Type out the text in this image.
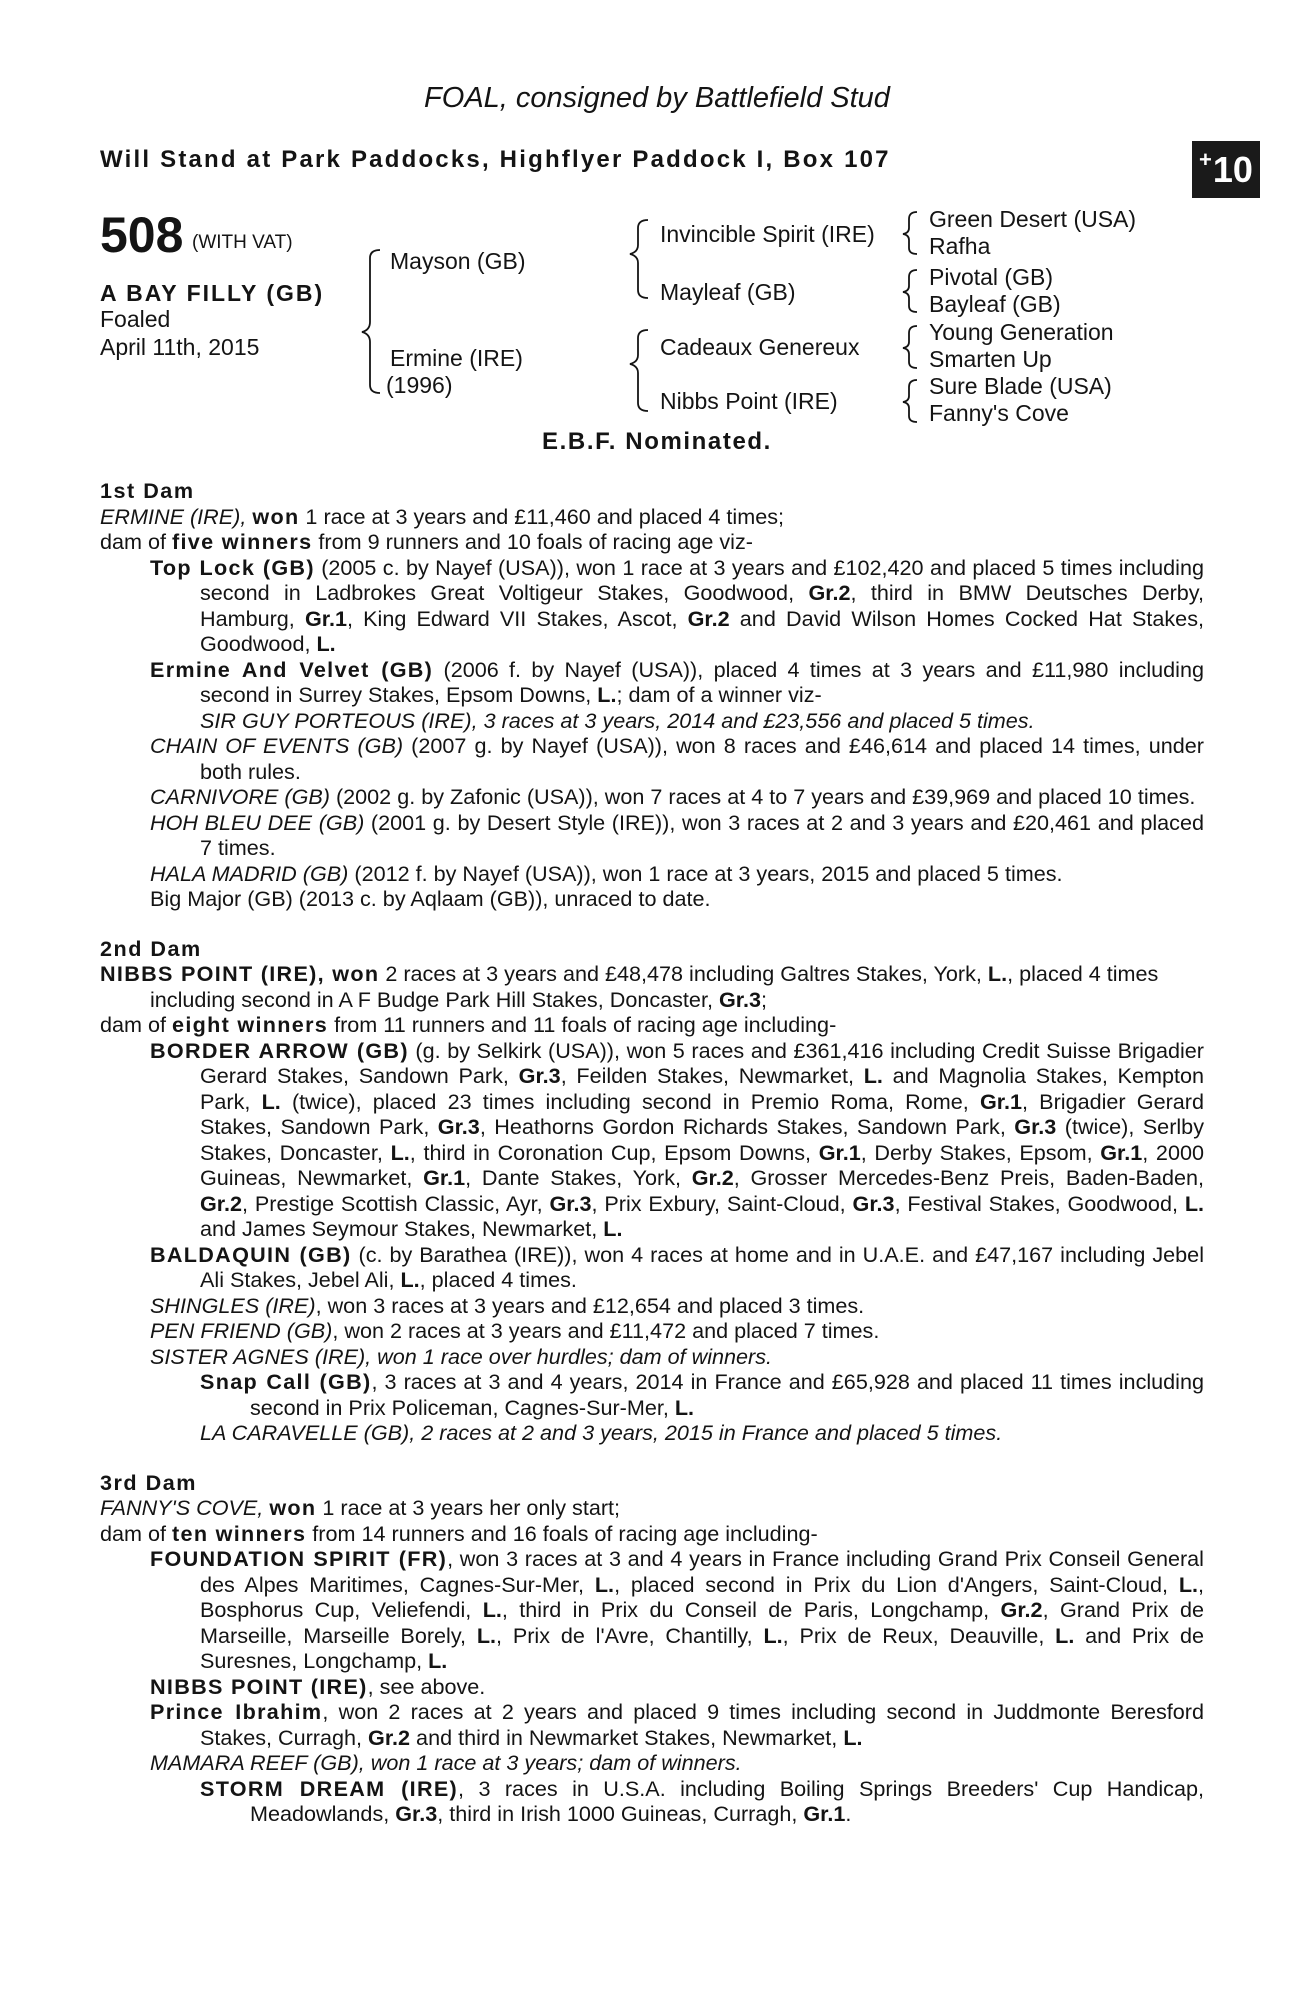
FOAL, consigned by Battlefield Stud
Will Stand at Park Paddocks, Highflyer Paddock I, Box 107	+ 10
508 (WITH VAT)
A BAY FILLY (GB)
Foaled
April 11th, 2015
Mayson (GB)
Ermine (IRE)
(1996)
Invincible Spirit (IRE)
Mayleaf (GB)
Cadeaux Genereux
Nibbs Point (IRE)
Green Desert (USA)
Rafha
Pivotal (GB)
Bayleaf (GB)
Young Generation
Smarten Up
Sure Blade (USA)
Fanny's Cove
E.B.F. Nominated.

1st Dam

ERMINE (IRE), won 1 race at 3 years and £11,460 and placed 4 times;

dam of five winners from 9 runners and 10 foals of racing age viz-

Top Lock (GB) (2005 c. by Nayef (USA)), won 1 race at 3 years and £102,420 and placed 5 times including second in Ladbrokes Great Voltigeur Stakes, Goodwood, Gr.2, third in BMW Deutsches Derby, Hamburg, Gr.1, King Edward VII Stakes, Ascot, Gr.2 and David Wilson Homes Cocked Hat Stakes, Goodwood, L.

Ermine And Velvet (GB) (2006 f. by Nayef (USA)), placed 4 times at 3 years and £11,980 including second in Surrey Stakes, Epsom Downs, L.; dam of a winner viz-

SIR GUY PORTEOUS (IRE), 3 races at 3 years, 2014 and £23,556 and placed 5 times.

CHAIN OF EVENTS (GB) (2007 g. by Nayef (USA)), won 8 races and £46,614 and placed 14 times, under both rules.

CARNIVORE (GB) (2002 g. by Zafonic (USA)), won 7 races at 4 to 7 years and £39,969 and placed 10 times.

HOH BLEU DEE (GB) (2001 g. by Desert Style (IRE)), won 3 races at 2 and 3 years and £20,461 and placed 7 times.

HALA MADRID (GB) (2012 f. by Nayef (USA)), won 1 race at 3 years, 2015 and placed 5 times.

Big Major (GB) (2013 c. by Aqlaam (GB)), unraced to date.

2nd Dam

NIBBS POINT (IRE), won 2 races at 3 years and £48,478 including Galtres Stakes, York, L., placed 4 times including second in A F Budge Park Hill Stakes, Doncaster, Gr.3;

dam of eight winners from 11 runners and 11 foals of racing age including-

BORDER ARROW (GB) (g. by Selkirk (USA)), won 5 races and £361,416 including Credit Suisse Brigadier Gerard Stakes, Sandown Park, Gr.3, Feilden Stakes, Newmarket, L. and Magnolia Stakes, Kempton Park, L. (twice), placed 23 times including second in Premio Roma, Rome, Gr.1, Brigadier Gerard Stakes, Sandown Park, Gr.3, Heathorns Gordon Richards Stakes, Sandown Park, Gr.3 (twice), Serlby Stakes, Doncaster, L., third in Coronation Cup, Epsom Downs, Gr.1, Derby Stakes, Epsom, Gr.1, 2000 Guineas, Newmarket, Gr.1, Dante Stakes, York, Gr.2, Grosser Mercedes-Benz Preis, Baden-Baden, Gr.2, Prestige Scottish Classic, Ayr, Gr.3, Prix Exbury, Saint-Cloud, Gr.3, Festival Stakes, Goodwood, L. and James Seymour Stakes, Newmarket, L.

BALDAQUIN (GB) (c. by Barathea (IRE)), won 4 races at home and in U.A.E. and £47,167 including Jebel Ali Stakes, Jebel Ali, L., placed 4 times.

SHINGLES (IRE), won 3 races at 3 years and £12,654 and placed 3 times.

PEN FRIEND (GB), won 2 races at 3 years and £11,472 and placed 7 times.

SISTER AGNES (IRE), won 1 race over hurdles; dam of winners.

Snap Call (GB), 3 races at 3 and 4 years, 2014 in France and £65,928 and placed 11 times including second in Prix Policeman, Cagnes-Sur-Mer, L.

LA CARAVELLE (GB), 2 races at 2 and 3 years, 2015 in France and placed 5 times.

3rd Dam

FANNY'S COVE, won 1 race at 3 years her only start;

dam of ten winners from 14 runners and 16 foals of racing age including-

FOUNDATION SPIRIT (FR), won 3 races at 3 and 4 years in France including Grand Prix Conseil General des Alpes Maritimes, Cagnes-Sur-Mer, L., placed second in Prix du Lion d'Angers, Saint-Cloud, L., Bosphorus Cup, Veliefendi, L., third in Prix du Conseil de Paris, Longchamp, Gr.2, Grand Prix de Marseille, Marseille Borely, L., Prix de l'Avre, Chantilly, L., Prix de Reux, Deauville, L. and Prix de Suresnes, Longchamp, L.

NIBBS POINT (IRE), see above.

Prince Ibrahim, won 2 races at 2 years and placed 9 times including second in Juddmonte Beresford Stakes, Curragh, Gr.2 and third in Newmarket Stakes, Newmarket, L.

MAMARA REEF (GB), won 1 race at 3 years; dam of winners.

STORM DREAM (IRE), 3 races in U.S.A. including Boiling Springs Breeders' Cup Handicap, Meadowlands, Gr.3, third in Irish 1000 Guineas, Curragh, Gr.1.
